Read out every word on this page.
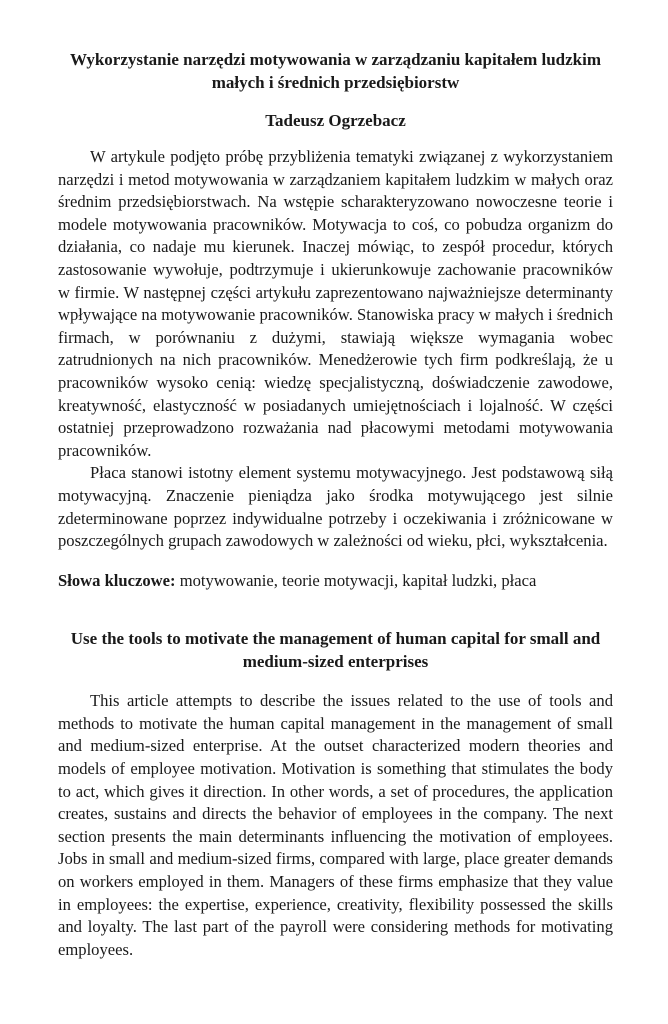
Wykorzystanie narzędzi motywowania w zarządzaniu kapitałem ludzkim małych i średnich przedsiębiorstw

Tadeusz Ogrzebacz

W artykule podjęto próbę przybliżenia tematyki związanej z wykorzystaniem narzędzi i metod motywowania w zarządzaniem kapitałem ludzkim w małych oraz średnim przedsiębiorstwach. Na wstępie scharakteryzowano nowoczesne teorie i modele motywowania pracowników. Motywacja to coś, co pobudza organizm do działania, co nadaje mu kierunek. Inaczej mówiąc, to zespół procedur, których zastosowanie wywołuje, podtrzymuje i ukierunkowuje zachowanie pracowników w firmie. W następnej części artykułu zaprezentowano najważniejsze determinanty wpływające na motywowanie pracowników. Stanowiska pracy w małych i średnich firmach, w porównaniu z dużymi, stawiają większe wymagania wobec zatrudnionych na nich pracowników. Menedżerowie tych firm podkreślają, że u pracowników wysoko cenią: wiedzę specjalistyczną, doświadczenie zawodowe, kreatywność, elastyczność w posiadanych umiejętnościach i lojalność. W części ostatniej przeprowadzono rozważania nad płacowymi metodami motywowania pracowników.

Płaca stanowi istotny element systemu motywacyjnego. Jest podstawową siłą motywacyjną. Znaczenie pieniądza jako środka motywującego jest silnie zdeterminowane poprzez indywidualne potrzeby i oczekiwania i zróżnicowane w poszczególnych grupach zawodowych w zależności od wieku, płci, wykształcenia.

Słowa kluczowe: motywowanie, teorie motywacji, kapitał ludzki, płaca

Use the tools to motivate the management of human capital for small and medium-sized enterprises

This article attempts to describe the issues related to the use of tools and methods to motivate the human capital management in the management of small and medium-sized enterprise. At the outset characterized modern theories and models of employee motivation. Motivation is something that stimulates the body to act, which gives it direction. In other words, a set of procedures, the application creates, sustains and directs the behavior of employees in the company. The next section presents the main determinants influencing the motivation of employees. Jobs in small and medium-sized firms, compared with large, place greater demands on workers employed in them. Managers of these firms emphasize that they value in employees: the expertise, experience, creativity, flexibility possessed the skills and loyalty. The last part of the payroll were considering methods for motivating employees.
